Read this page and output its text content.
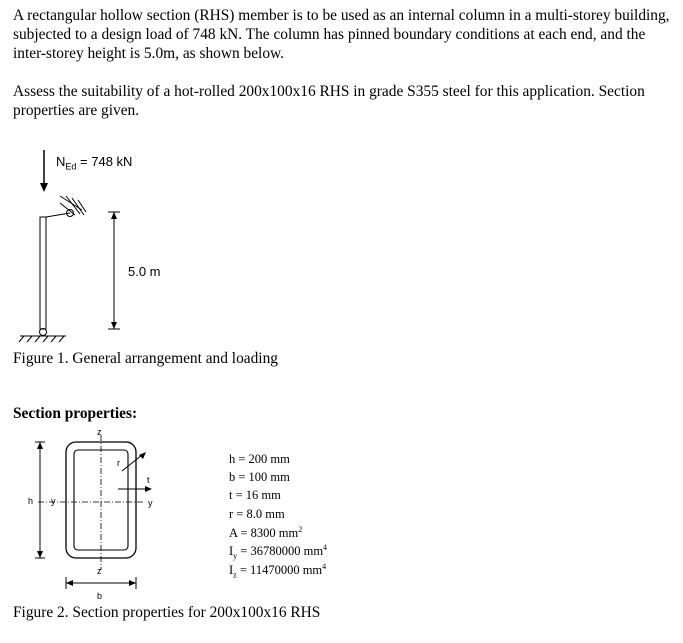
A rectangular hollow section (RHS) member is to be used as an internal column in a multi-storey building, subjected to a design load of 748 kN. The column has pinned boundary conditions at each end, and the inter-storey height is 5.0m, as shown below.
Assess the suitability of a hot-rolled 200x100x16 RHS in grade S355 steel for this application. Section properties are given.
$N_{Ed} = 748$ kN
5.0 m
Figure 1. General arrangement and loading
Section properties:
z
z
y	y
h
b
t
r	h = 200 mm
b = 100 mm
t = 16 mm
r = 8.0 mm
A = 8300 $mm^2$
$I_y = 36780000$ $mm^4$
$I_z = 11470000$ $mm^4$
Figure 2. Section properties for 200x100x16 RHS
